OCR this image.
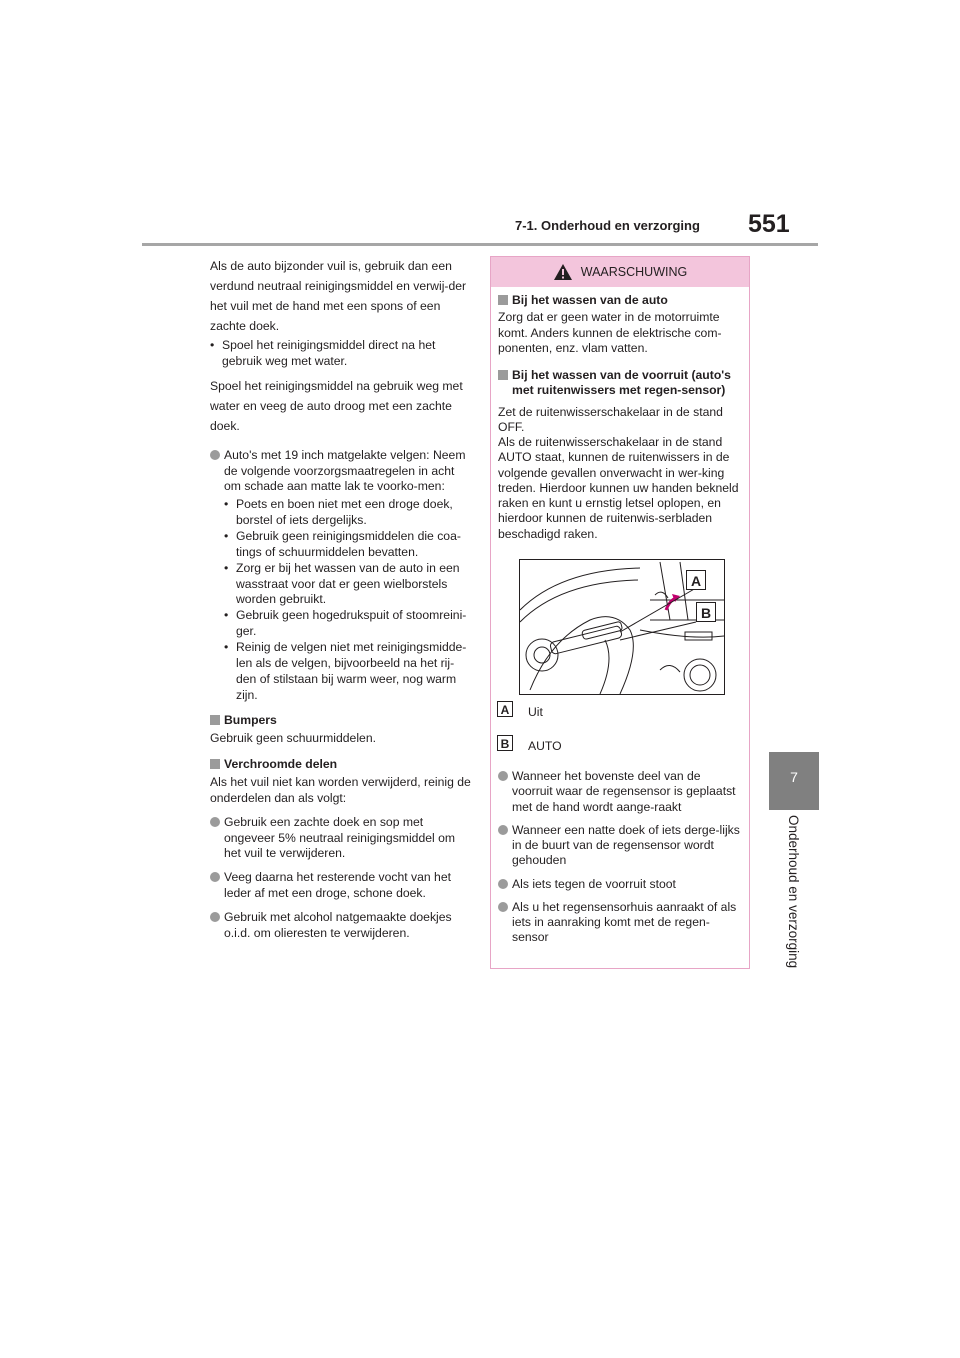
7-1. Onderhoud en verzorging 551
7
Onderhoud en verzorging

Als de auto bijzonder vuil is, gebruik dan een verdund neutraal reinigingsmiddel en verwij-der het vuil met de hand met een spons of een zachte doek.

• Spoel het reinigingsmiddel direct na het gebruik weg met water.

Spoel het reinigingsmiddel na gebruik weg met water en veeg de auto droog met een zachte doek.

Auto's met 19 inch matgelakte velgen: Neem de volgende voorzorgsmaatregelen in acht om schade aan matte lak te voorko-men:
• Poets en boen niet met een droge doek, borstel of iets dergelijks.
• Gebruik geen reinigingsmiddelen die coa-tings of schuurmiddelen bevatten.
• Zorg er bij het wassen van de auto in een wasstraat voor dat er geen wielborstels worden gebruikt.
• Gebruik geen hogedrukspuit of stoomreini-ger.
• Reinig de velgen niet met reinigingsmidde-len als de velgen, bijvoorbeeld na het rij-den of stilstaan bij warm weer, nog warm zijn.
Bumpers

Gebruik geen schuurmiddelen.

Verchroomde delen

Als het vuil niet kan worden verwijderd, reinig de onderdelen dan als volgt:

Gebruik een zachte doek en sop met ongeveer 5% neutraal reinigingsmiddel om het vuil te verwijderen.
Veeg daarna het resterende vocht van het leder af met een droge, schone doek.
Gebruik met alcohol natgemaakte doekjes o.i.d. om olieresten te verwijderen.
WAARSCHUWING
Bij het wassen van de auto

Zorg dat er geen water in de motorruimte komt. Anders kunnen de elektrische com-ponenten, enz. vlam vatten.

Bij het wassen van de voorruit (auto's met ruitenwissers met regen-sensor)

Zet de ruitenwisserschakelaar in de stand OFF.

Als de ruitenwisserschakelaar in de stand AUTO staat, kunnen de ruitenwissers in de volgende gevallen onverwacht in wer-king treden. Hierdoor kunnen uw handen bekneld raken en kunt u ernstig letsel oplopen, en hierdoor kunnen de ruitenwis-serbladen beschadigd raken.

A
B
A	Uit
B	AUTO
Wanneer het bovenste deel van de voorruit waar de regensensor is geplaatst met de hand wordt aange-raakt
Wanneer een natte doek of iets derge-lijks in de buurt van de regensensor wordt gehouden
Als iets tegen de voorruit stoot
Als u het regensensorhuis aanraakt of als iets in aanraking komt met de regen-sensor
